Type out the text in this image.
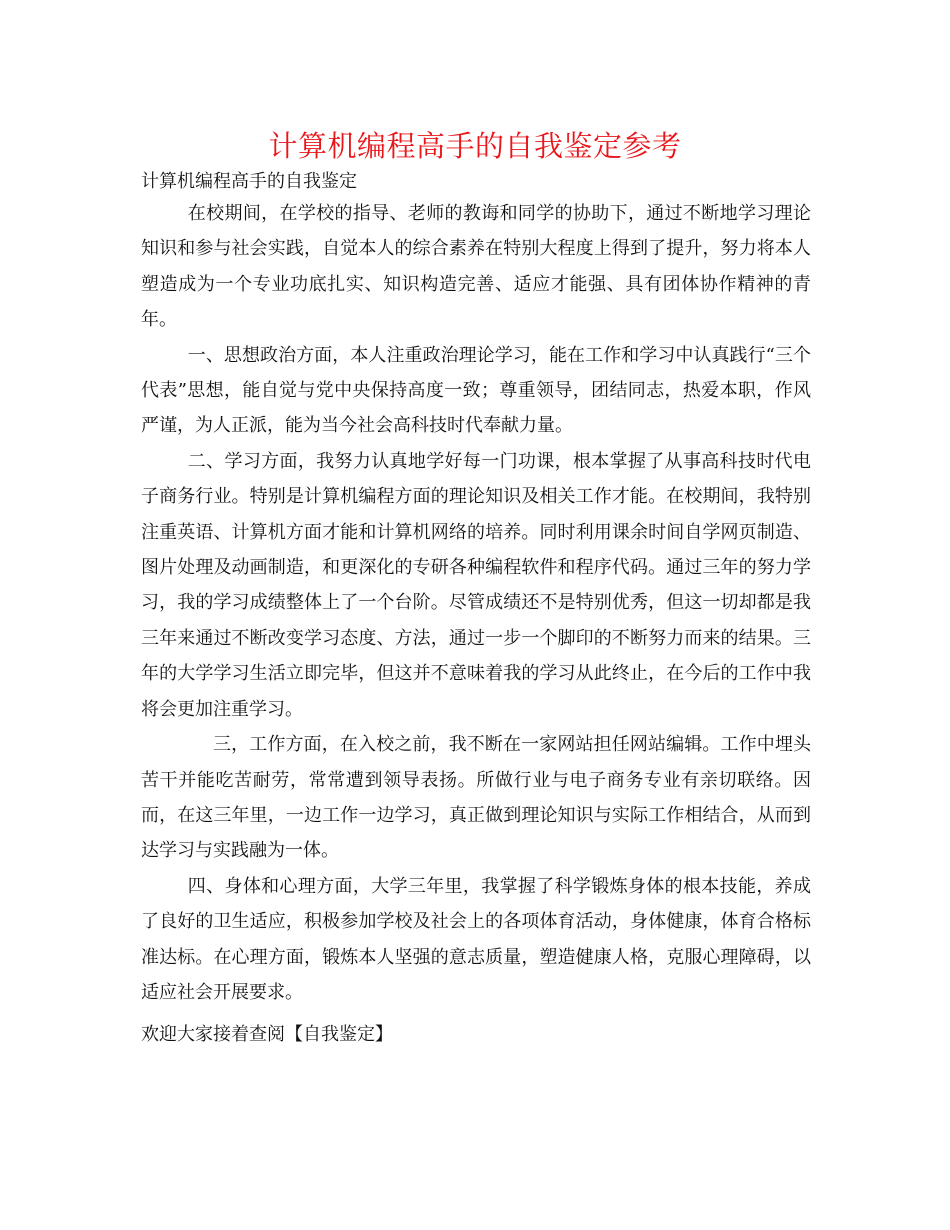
计算机编程高手的自我鉴定参考
计算机编程高手的自我鉴定

在校期间，在学校的指导、老师的教诲和同学的协助下，通过不断地学习理论知识和参与社会实践，自觉本人的综合素养在特别大程度上得到了提升，努力将本人塑造成为一个专业功底扎实、知识构造完善、适应才能强、具有团体协作精神的青年。

一、思想政治方面，本人注重政治理论学习，能在工作和学习中认真践行“三个代表”思想，能自觉与党中央保持高度一致；尊重领导，团结同志，热爱本职，作风严谨，为人正派，能为当今社会高科技时代奉献力量。

二、学习方面，我努力认真地学好每一门功课，根本掌握了从事高科技时代电子商务行业。特别是计算机编程方面的理论知识及相关工作才能。在校期间，我特别注重英语、计算机方面才能和计算机网络的培养。同时利用课余时间自学网页制造、图片处理及动画制造，和更深化的专研各种编程软件和程序代码。通过三年的努力学习，我的学习成绩整体上了一个台阶。尽管成绩还不是特别优秀，但这一切却都是我三年来通过不断改变学习态度、方法，通过一步一个脚印的不断努力而来的结果。三年的大学学习生活立即完毕，但这并不意味着我的学习从此终止，在今后的工作中我将会更加注重学习。

三，工作方面，在入校之前，我不断在一家网站担任网站编辑。工作中埋头苦干并能吃苦耐劳，常常遭到领导表扬。所做行业与电子商务专业有亲切联络。因而，在这三年里，一边工作一边学习，真正做到理论知识与实际工作相结合，从而到达学习与实践融为一体。

四、身体和心理方面，大学三年里，我掌握了科学锻炼身体的根本技能，养成了良好的卫生适应，积极参加学校及社会上的各项体育活动，身体健康，体育合格标准达标。在心理方面，锻炼本人坚强的意志质量，塑造健康人格，克服心理障碍，以适应社会开展要求。

欢迎大家接着查阅【自我鉴定】
